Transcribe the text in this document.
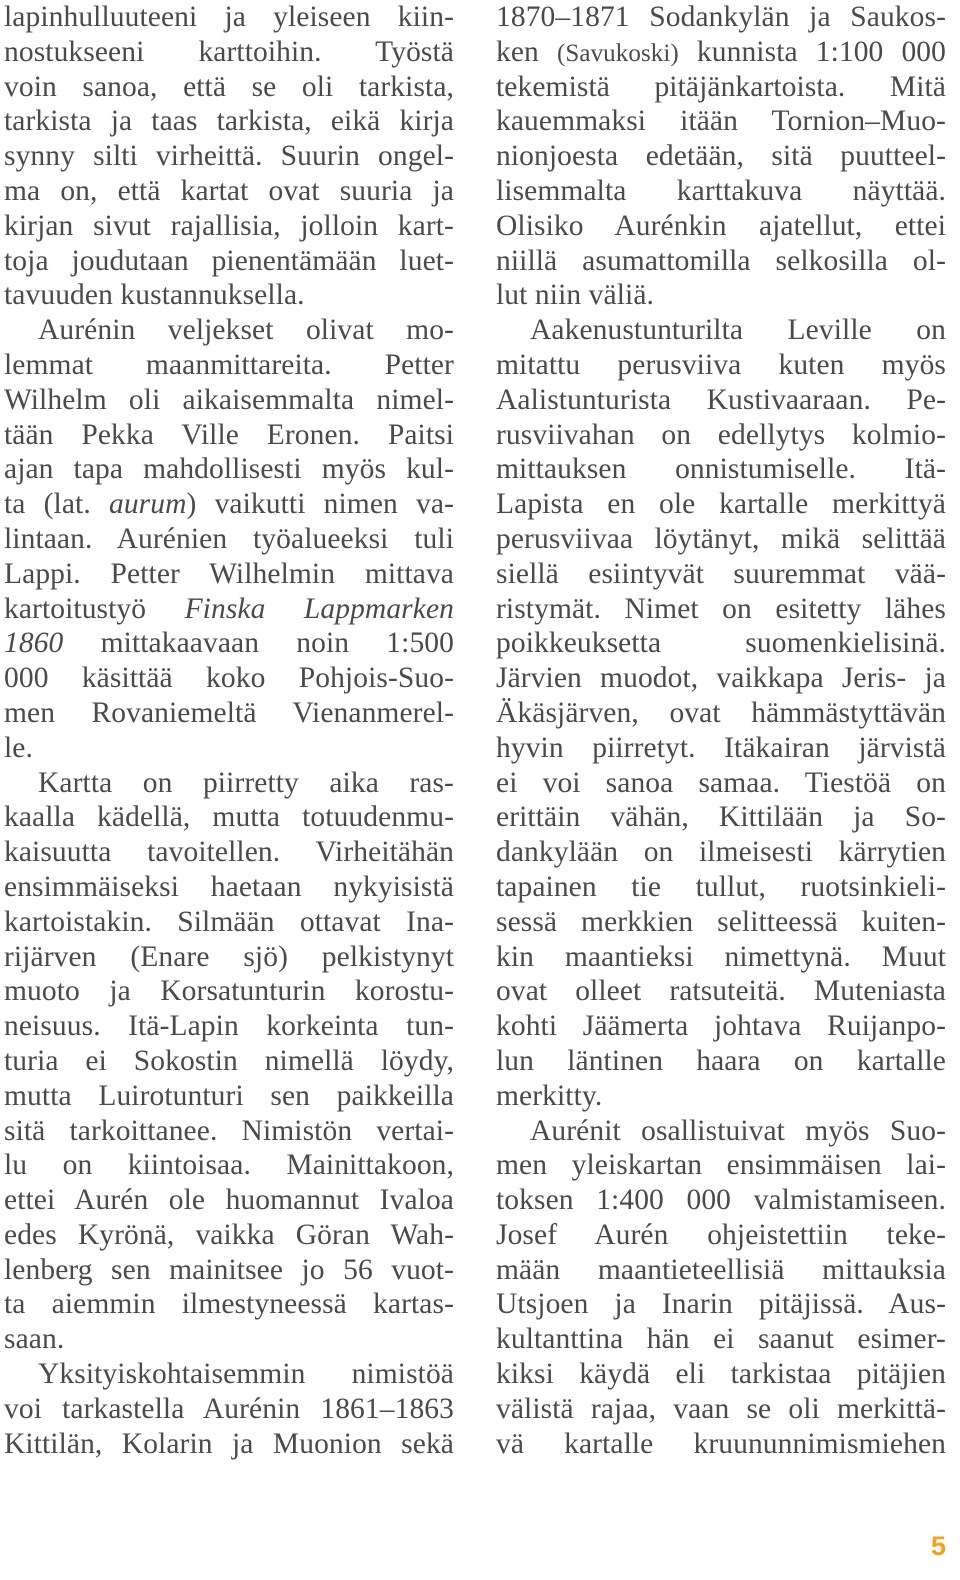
lapinhulluuteeni ja yleiseen kiin-
nostukseeni karttoihin. Työstä
voin sanoa, että se oli tarkista,
tarkista ja taas tarkista, eikä kirja
synny silti virheittä. Suurin ongel-
ma on, että kartat ovat suuria ja
kirjan sivut rajallisia, jolloin kart-
toja joudutaan pienentämään luet-
tavuuden kustannuksella.
Aurénin veljekset olivat mo-
lemmat maanmittareita. Petter
Wilhelm oli aikaisemmalta nimel-
tään Pekka Ville Eronen. Paitsi
ajan tapa mahdollisesti myös kul-
ta (lat. aurum) vaikutti nimen va-
lintaan. Aurénien työalueeksi tuli
Lappi. Petter Wilhelmin mittava
kartoitustyö Finska Lappmarken
1860 mittakaavaan noin 1:500
000 käsittää koko Pohjois-Suo-
men Rovaniemeltä Vienanmerel-
le.
Kartta on piirretty aika ras-
kaalla kädellä, mutta totuudenmu-
kaisuutta tavoitellen. Virheitähän
ensimmäiseksi haetaan nykyisistä
kartoistakin. Silmään ottavat Ina-
rijärven (Enare sjö) pelkistynyt
muoto ja Korsatunturin korostu-
neisuus. Itä-Lapin korkeinta tun-
turia ei Sokostin nimellä löydy,
mutta Luirotunturi sen paikkeilla
sitä tarkoittanee. Nimistön vertai-
lu on kiintoisaa. Mainittakoon,
ettei Aurén ole huomannut Ivaloa
edes Kyrönä, vaikka Göran Wah-
lenberg sen mainitsee jo 56 vuot-
ta aiemmin ilmestyneessä kartas-
saan.
Yksityiskohtaisemmin nimistöä
voi tarkastella Aurénin 1861–1863
Kittilän, Kolarin ja Muonion sekä
1870–1871 Sodankylän ja Saukos-
ken (Savukoski) kunnista 1:100 000
tekemistä pitäjänkartoista. Mitä
kauemmaksi itään Tornion–Muo-
nionjoesta edetään, sitä puutteel-
lisemmalta karttakuva näyttää.
Olisiko Aurénkin ajatellut, ettei
niillä asumattomilla selkosilla ol-
lut niin väliä.
Aakenustunturilta Leville on
mitattu perusviiva kuten myös
Aalistunturista Kustivaaraan. Pe-
rusviivahan on edellytys kolmio-
mittauksen onnistumiselle. Itä-
Lapista en ole kartalle merkittyä
perusviivaa löytänyt, mikä selittää
siellä esiintyvät suuremmat vää-
ristymät. Nimet on esitetty lähes
poikkeuksetta suomenkielisinä.
Järvien muodot, vaikkapa Jeris- ja
Äkäsjärven, ovat hämmästyttävän
hyvin piirretyt. Itäkairan järvistä
ei voi sanoa samaa. Tiestöä on
erittäin vähän, Kittilään ja So-
dankylään on ilmeisesti kärrytien
tapainen tie tullut, ruotsinkieli-
sessä merkkien selitteessä kuiten-
kin maantieksi nimettynä. Muut
ovat olleet ratsuteitä. Muteniasta
kohti Jäämerta johtava Ruijanpo-
lun läntinen haara on kartalle
merkitty.
Aurénit osallistuivat myös Suo-
men yleiskartan ensimmäisen lai-
toksen 1:400 000 valmistamiseen.
Josef Aurén ohjeistettiin teke-
mään maantieteellisiä mittauksia
Utsjoen ja Inarin pitäjissä. Aus-
kultanttina hän ei saanut esimer-
kiksi käydä eli tarkistaa pitäjien
välistä rajaa, vaan se oli merkittä-
vä kartalle kruununnimismiehen
5
